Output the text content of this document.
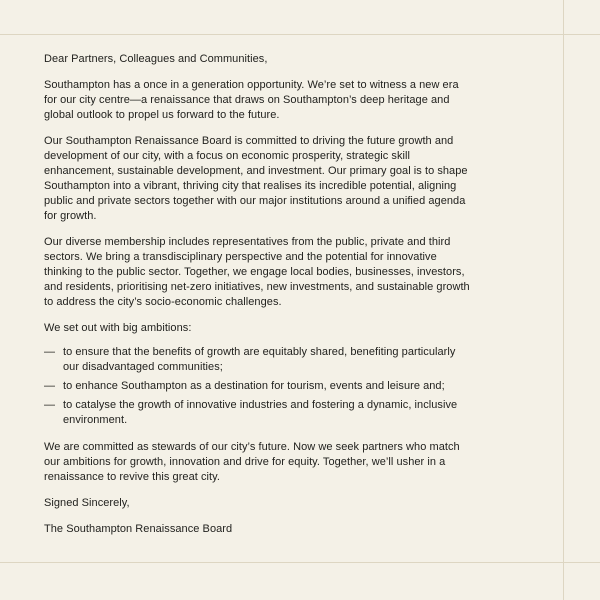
Dear Partners, Colleagues and Communities,

Southampton has a once in a generation opportunity. We’re set to witness a new era for our city centre—a renaissance that draws on Southampton’s deep heritage and global outlook to propel us forward to the future.

Our Southampton Renaissance Board is committed to driving the future growth and development of our city, with a focus on economic prosperity, strategic skill enhancement, sustainable development, and investment. Our primary goal is to shape Southampton into a vibrant, thriving city that realises its incredible potential, aligning public and private sectors together with our major institutions around a unified agenda for growth.

Our diverse membership includes representatives from the public, private and third sectors. We bring a transdisciplinary perspective and the potential for innovative thinking to the public sector. Together, we engage local bodies, businesses, investors, and residents, prioritising net-zero initiatives, new investments, and sustainable growth to address the city’s socio-economic challenges.

We set out with big ambitions:

— to ensure that the benefits of growth are equitably shared, benefiting particularly our disadvantaged communities;
— to enhance Southampton as a destination for tourism, events and leisure and;
— to catalyse the growth of innovative industries and fostering a dynamic, inclusive environment.

We are committed as stewards of our city’s future. Now we seek partners who match our ambitions for growth, innovation and drive for equity. Together, we’ll usher in a renaissance to revive this great city.

Signed Sincerely,

The Southampton Renaissance Board
